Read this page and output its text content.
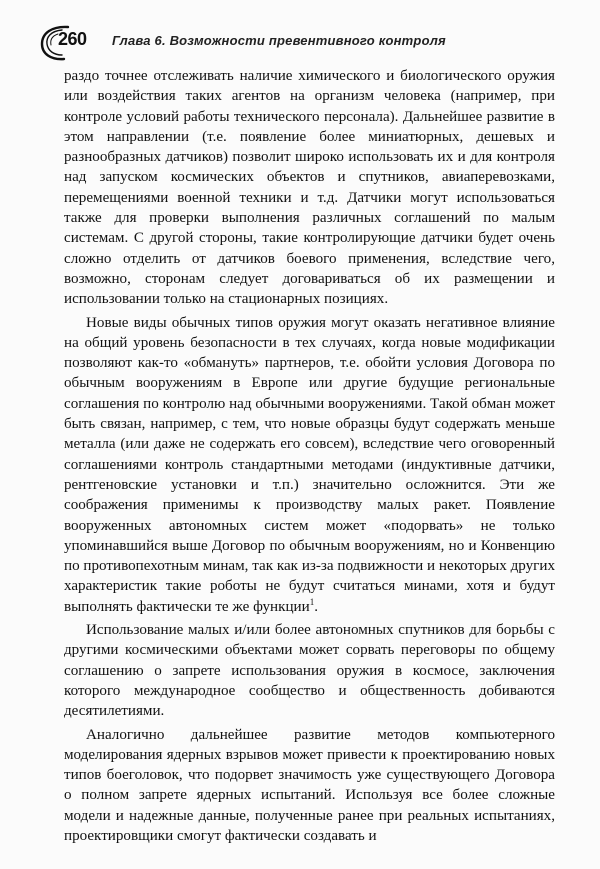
260 Глава 6. Возможности превентивного контроля

раздо точнее отслеживать наличие химического и биологического оружия или воздействия таких агентов на организм человека (например, при контроле условий работы технического персонала). Дальнейшее развитие в этом направлении (т.е. появление более миниатюрных, дешевых и разнообразных датчиков) позволит широко использовать их и для контроля над запуском космических объектов и спутников, авиаперевозками, перемещениями военной техники и т.д. Датчики могут использоваться также для проверки выполнения различных соглашений по малым системам. С другой стороны, такие контролирующие датчики будет очень сложно отделить от датчиков боевого применения, вследствие чего, возможно, сторонам следует договариваться об их размещении и использовании только на стационарных позициях.

Новые виды обычных типов оружия могут оказать негативное влияние на общий уровень безопасности в тех случаях, когда новые модификации позволяют как-то «обмануть» партнеров, т.е. обойти условия Договора по обычным вооружениям в Европе или другие будущие региональные соглашения по контролю над обычными вооружениями. Такой обман может быть связан, например, с тем, что новые образцы будут содержать меньше металла (или даже не содержать его совсем), вследствие чего оговоренный соглашениями контроль стандартными методами (индуктивные датчики, рентгеновские установки и т.п.) значительно осложнится. Эти же соображения применимы к производству малых ракет. Появление вооруженных автономных систем может «подорвать» не только упоминавшийся выше Договор по обычным вооружениям, но и Конвенцию по противопехотным минам, так как из-за подвижности и некоторых других характеристик такие роботы не будут считаться минами, хотя и будут выполнять фактически те же функции$^1$.

Использование малых и/или более автономных спутников для борьбы с другими космическими объектами может сорвать переговоры по общему соглашению о запрете использования оружия в космосе, заключения которого международное сообщество и общественность добиваются десятилетиями.

Аналогично дальнейшее развитие методов компьютерного моделирования ядерных взрывов может привести к проектированию новых типов боеголовок, что подорвет значимость уже существующего Договора о полном запрете ядерных испытаний. Используя все более сложные модели и надежные данные, полученные ранее при реальных испытаниях, проектировщики смогут фактически создавать и
